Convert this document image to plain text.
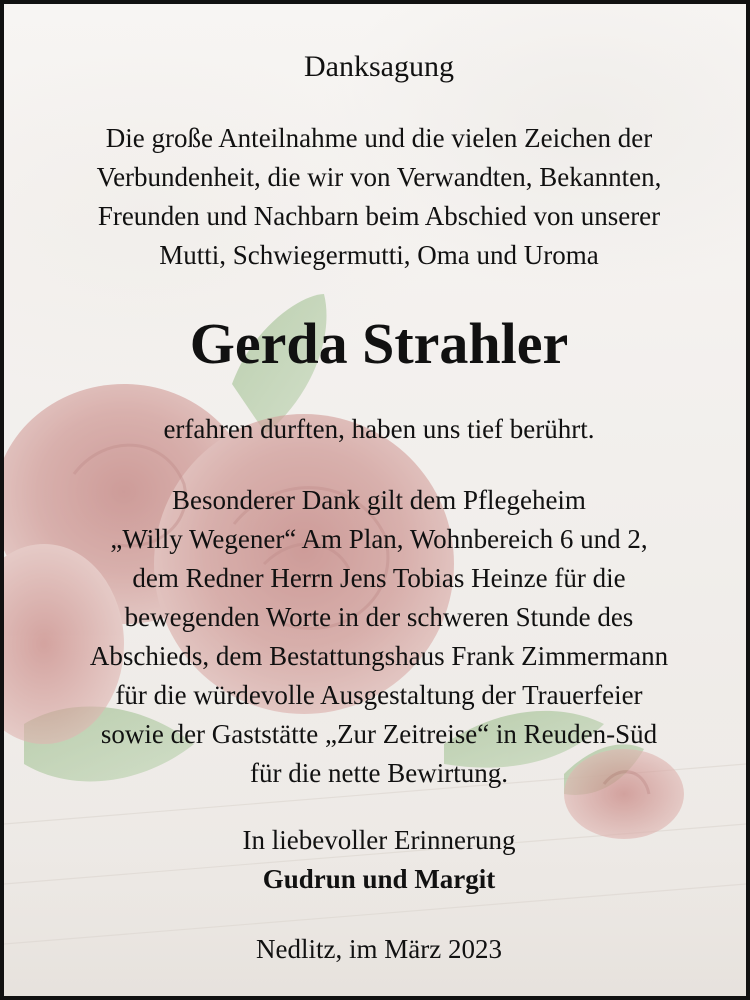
Danksagung
Die große Anteilnahme und die vielen Zeichen der
Verbundenheit, die wir von Verwandten, Bekannten,
Freunden und Nachbarn beim Abschied von unserer
Mutti, Schwiegermutti, Oma und Uroma
Gerda Strahler
erfahren durften, haben uns tief berührt.
Besonderer Dank gilt dem Pflegeheim
„Willy Wegener“ Am Plan, Wohnbereich 6 und 2,
dem Redner Herrn Jens Tobias Heinze für die
bewegenden Worte in der schweren Stunde des
Abschieds, dem Bestattungshaus Frank Zimmermann
für die würdevolle Ausgestaltung der Trauerfeier
sowie der Gaststätte „Zur Zeitreise“ in Reuden-Süd
für die nette Bewirtung.
In liebevoller Erinnerung
Gudrun und Margit
Nedlitz, im März 2023
